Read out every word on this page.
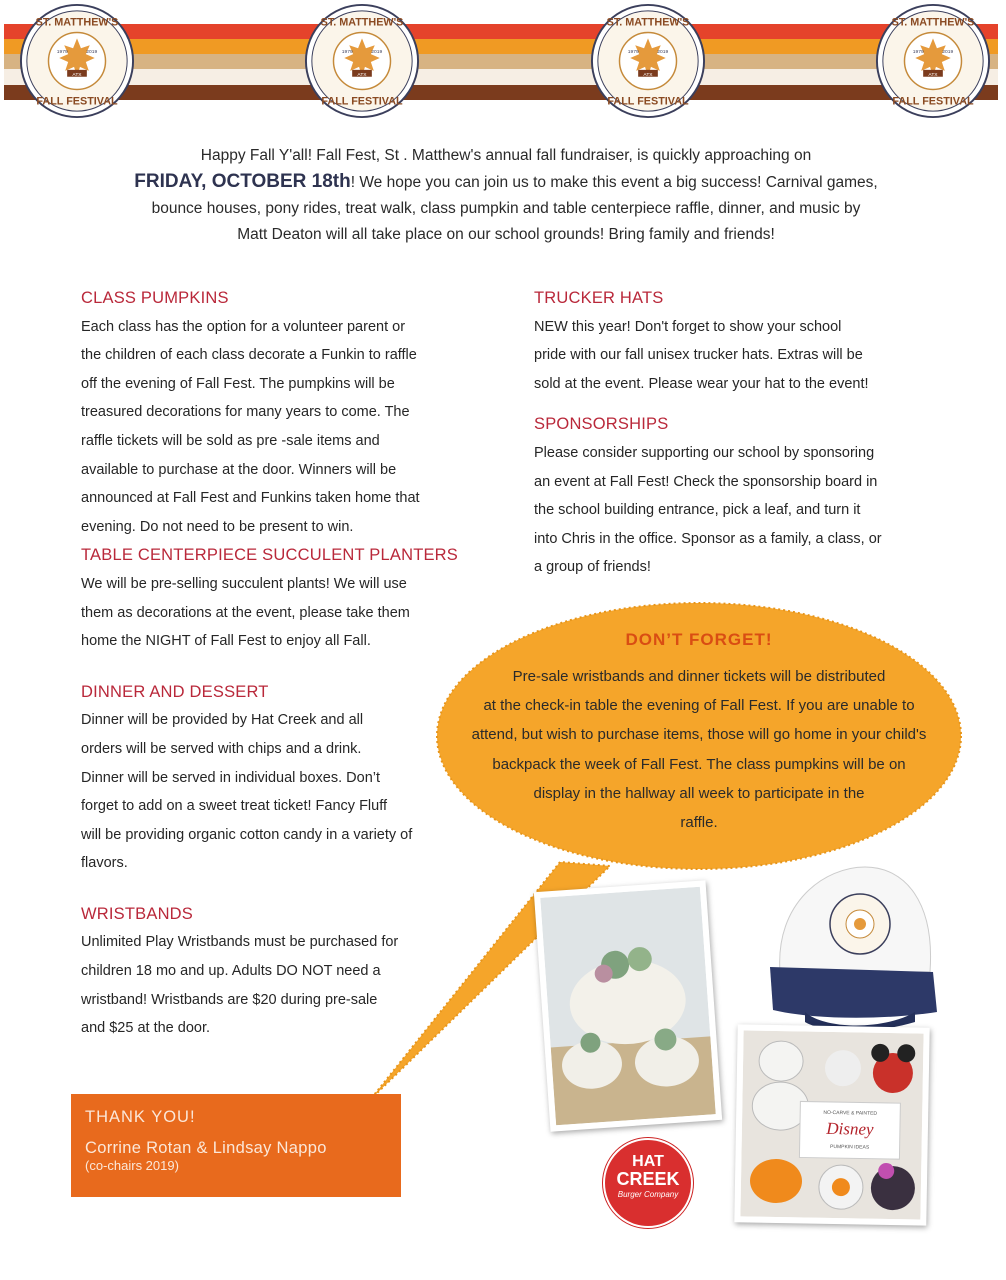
ATX
1979	2019
ST. MATTHEW'S
FALL FESTIVAL
ATX
1979	2019
ST. MATTHEW'S
FALL FESTIVAL
ATX
1979	2019
ST. MATTHEW'S
FALL FESTIVAL
ATX
1979	2019
ST. MATTHEW'S
FALL FESTIVAL
Happy Fall Y'all! Fall Fest, St . Matthew's annual fall fundraiser, is quickly approaching on
FRIDAY, OCTOBER 18th! We hope you can join us to make this event a big success! Carnival games,
bounce houses, pony rides, treat walk, class pumpkin and table centerpiece raffle, dinner, and music by
Matt Deaton will all take place on our school grounds! Bring family and friends!
CLASS PUMPKINS
Each class has the option for a volunteer parent or
the children of each class decorate a Funkin to raffle
off the evening of Fall Fest. The pumpkins will be
treasured decorations for many years to come. The
raffle tickets will be sold as pre -sale items and
available to purchase at the door. Winners will be
announced at Fall Fest and Funkins taken home that
evening. Do not need to be present to win.
TABLE CENTERPIECE SUCCULENT PLANTERS
We will be pre-selling succulent plants! We will use
them as decorations at the event, please take them
home the NIGHT of Fall Fest to enjoy all Fall.
DINNER AND DESSERT
Dinner will be provided by Hat Creek and all
orders will be served with chips and a drink.
Dinner will be served in individual boxes. Don’t
forget to add on a sweet treat ticket! Fancy Fluff
will be providing organic cotton candy in a variety of
flavors.
WRISTBANDS
Unlimited Play Wristbands must be purchased for
children 18 mo and up. Adults DO NOT need a
wristband! Wristbands are $20 during pre-sale
and $25 at the door.
TRUCKER HATS
NEW this year! Don't forget to show your school
pride with our fall unisex trucker hats. Extras will be
sold at the event. Please wear your hat to the event!
SPONSORSHIPS
Please consider supporting our school by sponsoring
an event at Fall Fest! Check the sponsorship board in
the school building entrance, pick a leaf, and turn it
into Chris in the office. Sponsor as a family, a class, or
a group of friends!
DON’T FORGET!
Pre-sale wristbands and dinner tickets will be distributed
at the check-in table the evening of Fall Fest. If you are unable to
attend, but wish to purchase items, those will go home in your child's
backpack the week of Fall Fest. The class pumpkins will be on
display in the hallway all week to participate in the
raffle.
THANK YOU!
Corrine Rotan & Lindsay Nappo
(co-chairs 2019)	HAT
CREEK
Burger Company
NO-CARVE & PAINTED
Disney
PUMPKIN IDEAS
